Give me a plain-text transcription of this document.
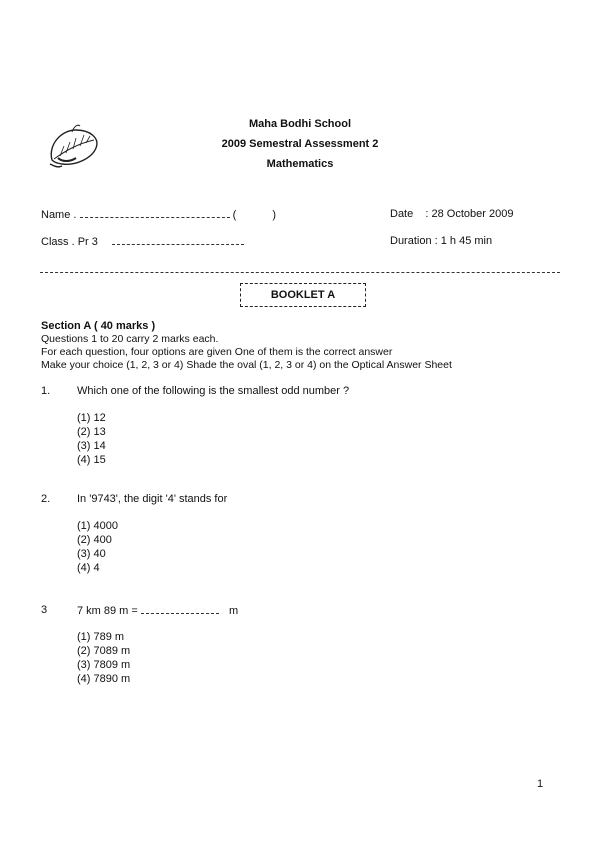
Maha Bodhi School
2009 Semestral Assessment 2
Mathematics
Name .	(	)	Date : 28 October 2009
Class . Pr 3	Duration : 1 h 45 min
BOOKLET A
Section A ( 40 marks )
Questions 1 to 20 carry 2 marks each.
For each question, four options are given One of them is the correct answer
Make your choice (1, 2, 3 or 4) Shade the oval (1, 2, 3 or 4) on the Optical Answer Sheet
1. Which one of the following is the smallest odd number ?
(1) 12
(2) 13
(3) 14
(4) 15
2. In '9743', the digit '4' stands for
(1) 4000
(2) 400
(3) 40
(4) 4
3	7 km 89 m =	m
(1) 789 m
(2) 7089 m
(3) 7809 m
(4) 7890 m
1
